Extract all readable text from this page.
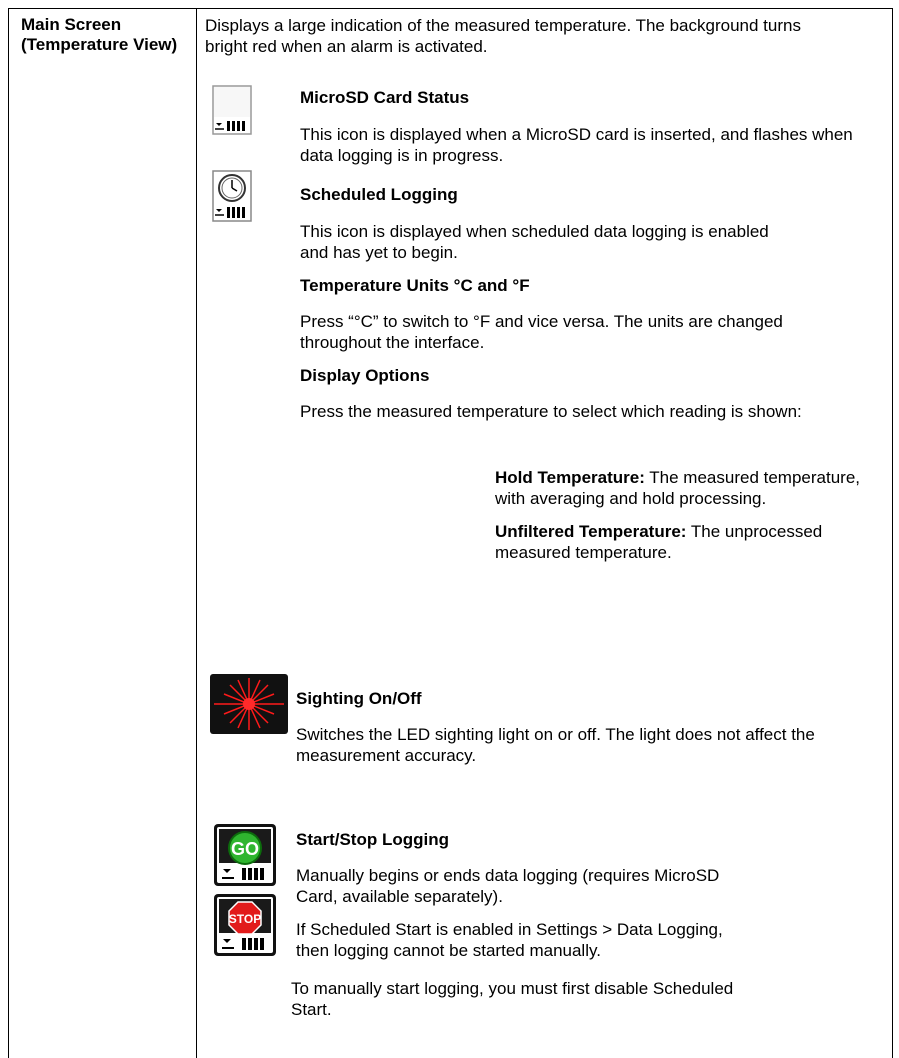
Main Screen (Temperature View)
Displays a large indication of the measured temperature. The background turns bright red when an alarm is activated.
MicroSD Card Status
This icon is displayed when a MicroSD card is inserted, and flashes when data logging is in progress.
Scheduled Logging
This icon is displayed when scheduled data logging is enabled and has yet to begin.
Temperature Units °C and °F
Press “°C” to switch to °F and vice versa. The units are changed throughout the interface.
Display Options
Press the measured temperature to select which reading is shown:
Hold Temperature: The measured temperature, with averaging and hold processing.
Unfiltered Temperature: The unprocessed measured temperature.
Sighting On/Off
Switches the LED sighting light on or off. The light does not affect the measurement accuracy.
GO Start/Stop Logging
Manually begins or ends data logging (requires MicroSD Card, available separately).
STOP
If Scheduled Start is enabled in Settings > Data Logging, then logging cannot be started manually.
To manually start logging, you must first disable Scheduled Start.
